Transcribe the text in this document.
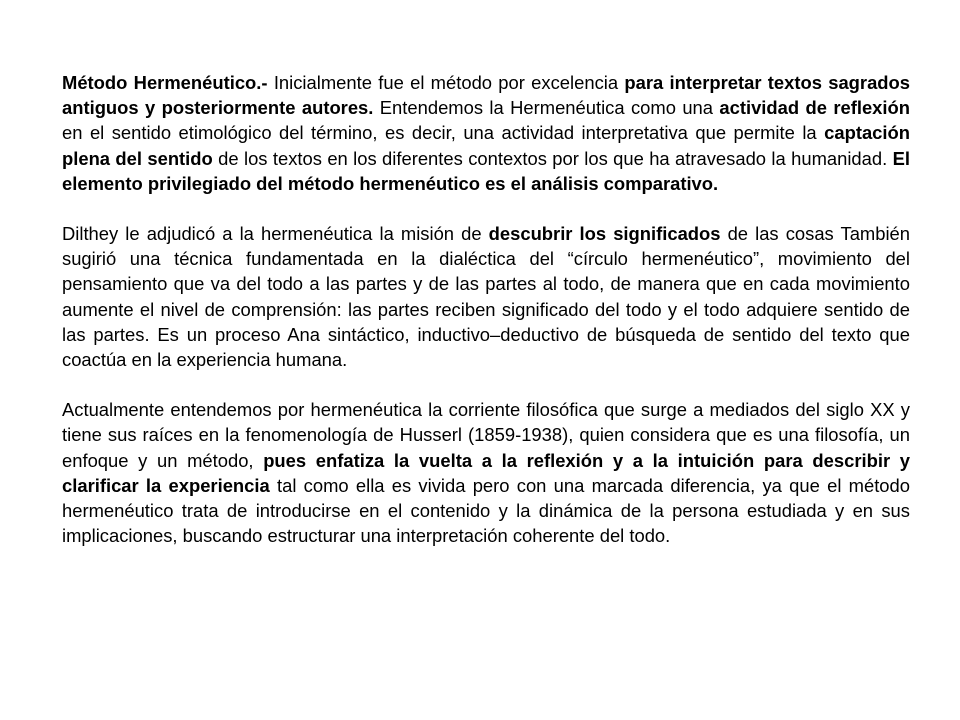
Método Hermenéutico.- Inicialmente fue el método por excelencia para interpretar textos sagrados antiguos y posteriormente autores. Entendemos la Hermenéutica como una actividad de reflexión en el sentido etimológico del término, es decir, una actividad interpretativa que permite la captación plena del sentido de los textos en los diferentes contextos por los que ha atravesado la humanidad. El elemento privilegiado del método hermenéutico es el análisis comparativo.

Dilthey le adjudicó a la hermenéutica la misión de descubrir los significados de las cosas También sugirió una técnica fundamentada en la dialéctica del “círculo hermenéutico”, movimiento del pensamiento que va del todo a las partes y de las partes al todo, de manera que en cada movimiento aumente el nivel de comprensión: las partes reciben significado del todo y el todo adquiere sentido de las partes. Es un proceso Ana sintáctico, inductivo–deductivo de búsqueda de sentido del texto que coactúa en la experiencia humana.

Actualmente entendemos por hermenéutica la corriente filosófica que surge a mediados del siglo XX y tiene sus raíces en la fenomenología de Husserl (1859-1938), quien considera que es una filosofía, un enfoque y un método, pues enfatiza la vuelta a la reflexión y a la intuición para describir y clarificar la experiencia tal como ella es vivida pero con una marcada diferencia, ya que el método hermenéutico trata de introducirse en el contenido y la dinámica de la persona estudiada y en sus implicaciones, buscando estructurar una interpretación coherente del todo.
